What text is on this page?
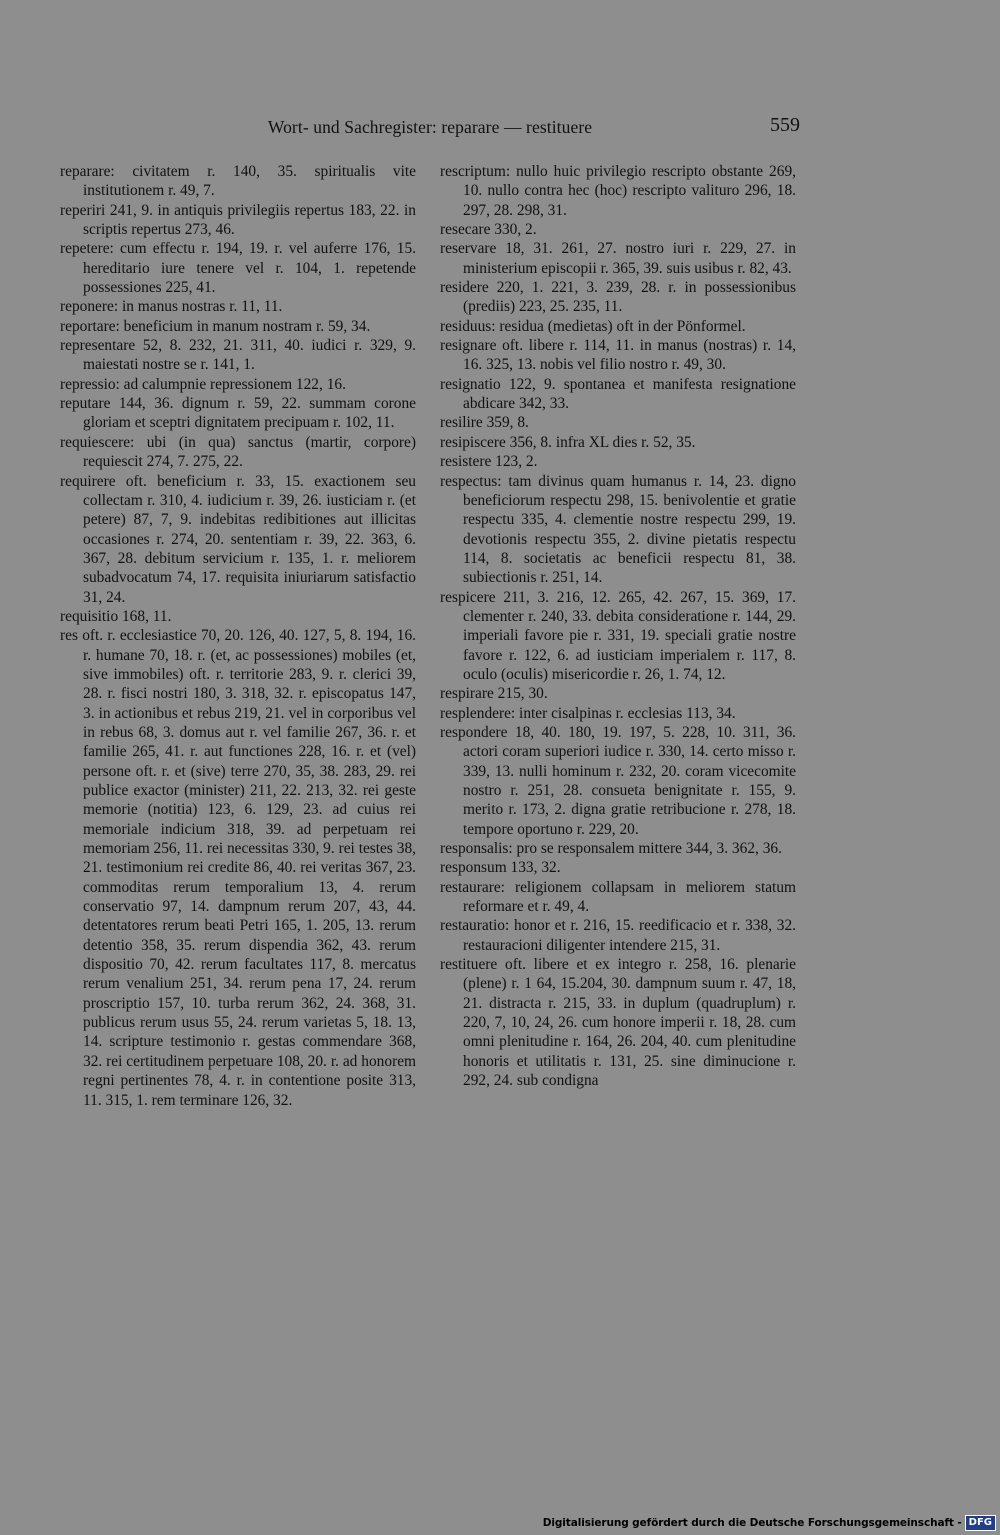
Wort- und Sachregister: reparare — restituere	559

reparare: civitatem r. 140, 35. spiritualis vite institutionem r. 49, 7.

reperiri 241, 9. in antiquis privilegiis repertus 183, 22. in scriptis repertus 273, 46.

repetere: cum effectu r. 194, 19. r. vel auferre 176, 15. hereditario iure tenere vel r. 104, 1. repetende possessiones 225, 41.

reponere: in manus nostras r. 11, 11.

reportare: beneficium in manum nostram r. 59, 34.

representare 52, 8. 232, 21. 311, 40. iudici r. 329, 9. maiestati nostre se r. 141, 1.

repressio: ad calumpnie repressionem 122, 16.

reputare 144, 36. dignum r. 59, 22. summam corone gloriam et sceptri dignitatem precipuam r. 102, 11.

requiescere: ubi (in qua) sanctus (martir, corpore) requiescit 274, 7. 275, 22.

requirere oft. beneficium r. 33, 15. exactionem seu collectam r. 310, 4. iudicium r. 39, 26. iusticiam r. (et petere) 87, 7, 9. indebitas redibitiones aut illicitas occasiones r. 274, 20. sententiam r. 39, 22. 363, 6. 367, 28. debitum servicium r. 135, 1. r. meliorem subadvocatum 74, 17. requisita iniuriarum satisfactio 31, 24.

requisitio 168, 11.

res oft. r. ecclesiastice 70, 20. 126, 40. 127, 5, 8. 194, 16. r. humane 70, 18. r. (et, ac possessiones) mobiles (et, sive immobiles) oft. r. territorie 283, 9. r. clerici 39, 28. r. fisci nostri 180, 3. 318, 32. r. episcopatus 147, 3. in actionibus et rebus 219, 21. vel in corporibus vel in rebus 68, 3. domus aut r. vel familie 267, 36. r. et familie 265, 41. r. aut functiones 228, 16. r. et (vel) persone oft. r. et (sive) terre 270, 35, 38. 283, 29. rei publice exactor (minister) 211, 22. 213, 32. rei geste memorie (notitia) 123, 6. 129, 23. ad cuius rei memoriale indicium 318, 39. ad perpetuam rei memoriam 256, 11. rei necessitas 330, 9. rei testes 38, 21. testimonium rei credite 86, 40. rei veritas 367, 23. commoditas rerum temporalium 13, 4. rerum conservatio 97, 14. dampnum rerum 207, 43, 44. detentatores rerum beati Petri 165, 1. 205, 13. rerum detentio 358, 35. rerum dispendia 362, 43. rerum dispositio 70, 42. rerum facultates 117, 8. mercatus rerum venalium 251, 34. rerum pena 17, 24. rerum proscriptio 157, 10. turba rerum 362, 24. 368, 31. publicus rerum usus 55, 24. rerum varietas 5, 18. 13, 14. scripture testimonio r. gestas commendare 368, 32. rei certitudinem perpetuare 108, 20. r. ad honorem regni pertinentes 78, 4. r. in contentione posite 313, 11. 315, 1. rem terminare 126, 32.

rescriptum: nullo huic privilegio rescripto obstante 269, 10. nullo contra hec (hoc) rescripto valituro 296, 18. 297, 28. 298, 31.

resecare 330, 2.

reservare 18, 31. 261, 27. nostro iuri r. 229, 27. in ministerium episcopii r. 365, 39. suis usibus r. 82, 43.

residere 220, 1. 221, 3. 239, 28. r. in possessionibus (prediis) 223, 25. 235, 11.

residuus: residua (medietas) oft in der Pönformel.

resignare oft. libere r. 114, 11. in manus (nostras) r. 14, 16. 325, 13. nobis vel filio nostro r. 49, 30.

resignatio 122, 9. spontanea et manifesta resignatione abdicare 342, 33.

resilire 359, 8.

resipiscere 356, 8. infra XL dies r. 52, 35.

resistere 123, 2.

respectus: tam divinus quam humanus r. 14, 23. digno beneficiorum respectu 298, 15. benivolentie et gratie respectu 335, 4. clementie nostre respectu 299, 19. devotionis respectu 355, 2. divine pietatis respectu 114, 8. societatis ac beneficii respectu 81, 38. subiectionis r. 251, 14.

respicere 211, 3. 216, 12. 265, 42. 267, 15. 369, 17. clementer r. 240, 33. debita consideratione r. 144, 29. imperiali favore pie r. 331, 19. speciali gratie nostre favore r. 122, 6. ad iusticiam imperialem r. 117, 8. oculo (oculis) misericordie r. 26, 1. 74, 12.

respirare 215, 30.

resplendere: inter cisalpinas r. ecclesias 113, 34.

respondere 18, 40. 180, 19. 197, 5. 228, 10. 311, 36. actori coram superiori iudice r. 330, 14. certo misso r. 339, 13. nulli hominum r. 232, 20. coram vicecomite nostro r. 251, 28. consueta benignitate r. 155, 9. merito r. 173, 2. digna gratie retribucione r. 278, 18. tempore oportuno r. 229, 20.

responsalis: pro se responsalem mittere 344, 3. 362, 36.

responsum 133, 32.

restaurare: religionem collapsam in meliorem statum reformare et r. 49, 4.

restauratio: honor et r. 216, 15. reedificacio et r. 338, 32. restauracioni diligenter intendere 215, 31.

restituere oft. libere et ex integro r. 258, 16. plenarie (plene) r. 1 64, 15.204, 30. dampnum suum r. 47, 18, 21. distracta r. 215, 33. in duplum (quadruplum) r. 220, 7, 10, 24, 26. cum honore imperii r. 18, 28. cum omni plenitudine r. 164, 26. 204, 40. cum plenitudine honoris et utilitatis r. 131, 25. sine diminucione r. 292, 24. sub condigna

Digitalisierung gefördert durch die Deutsche Forschungsgemeinschaft - DFG
